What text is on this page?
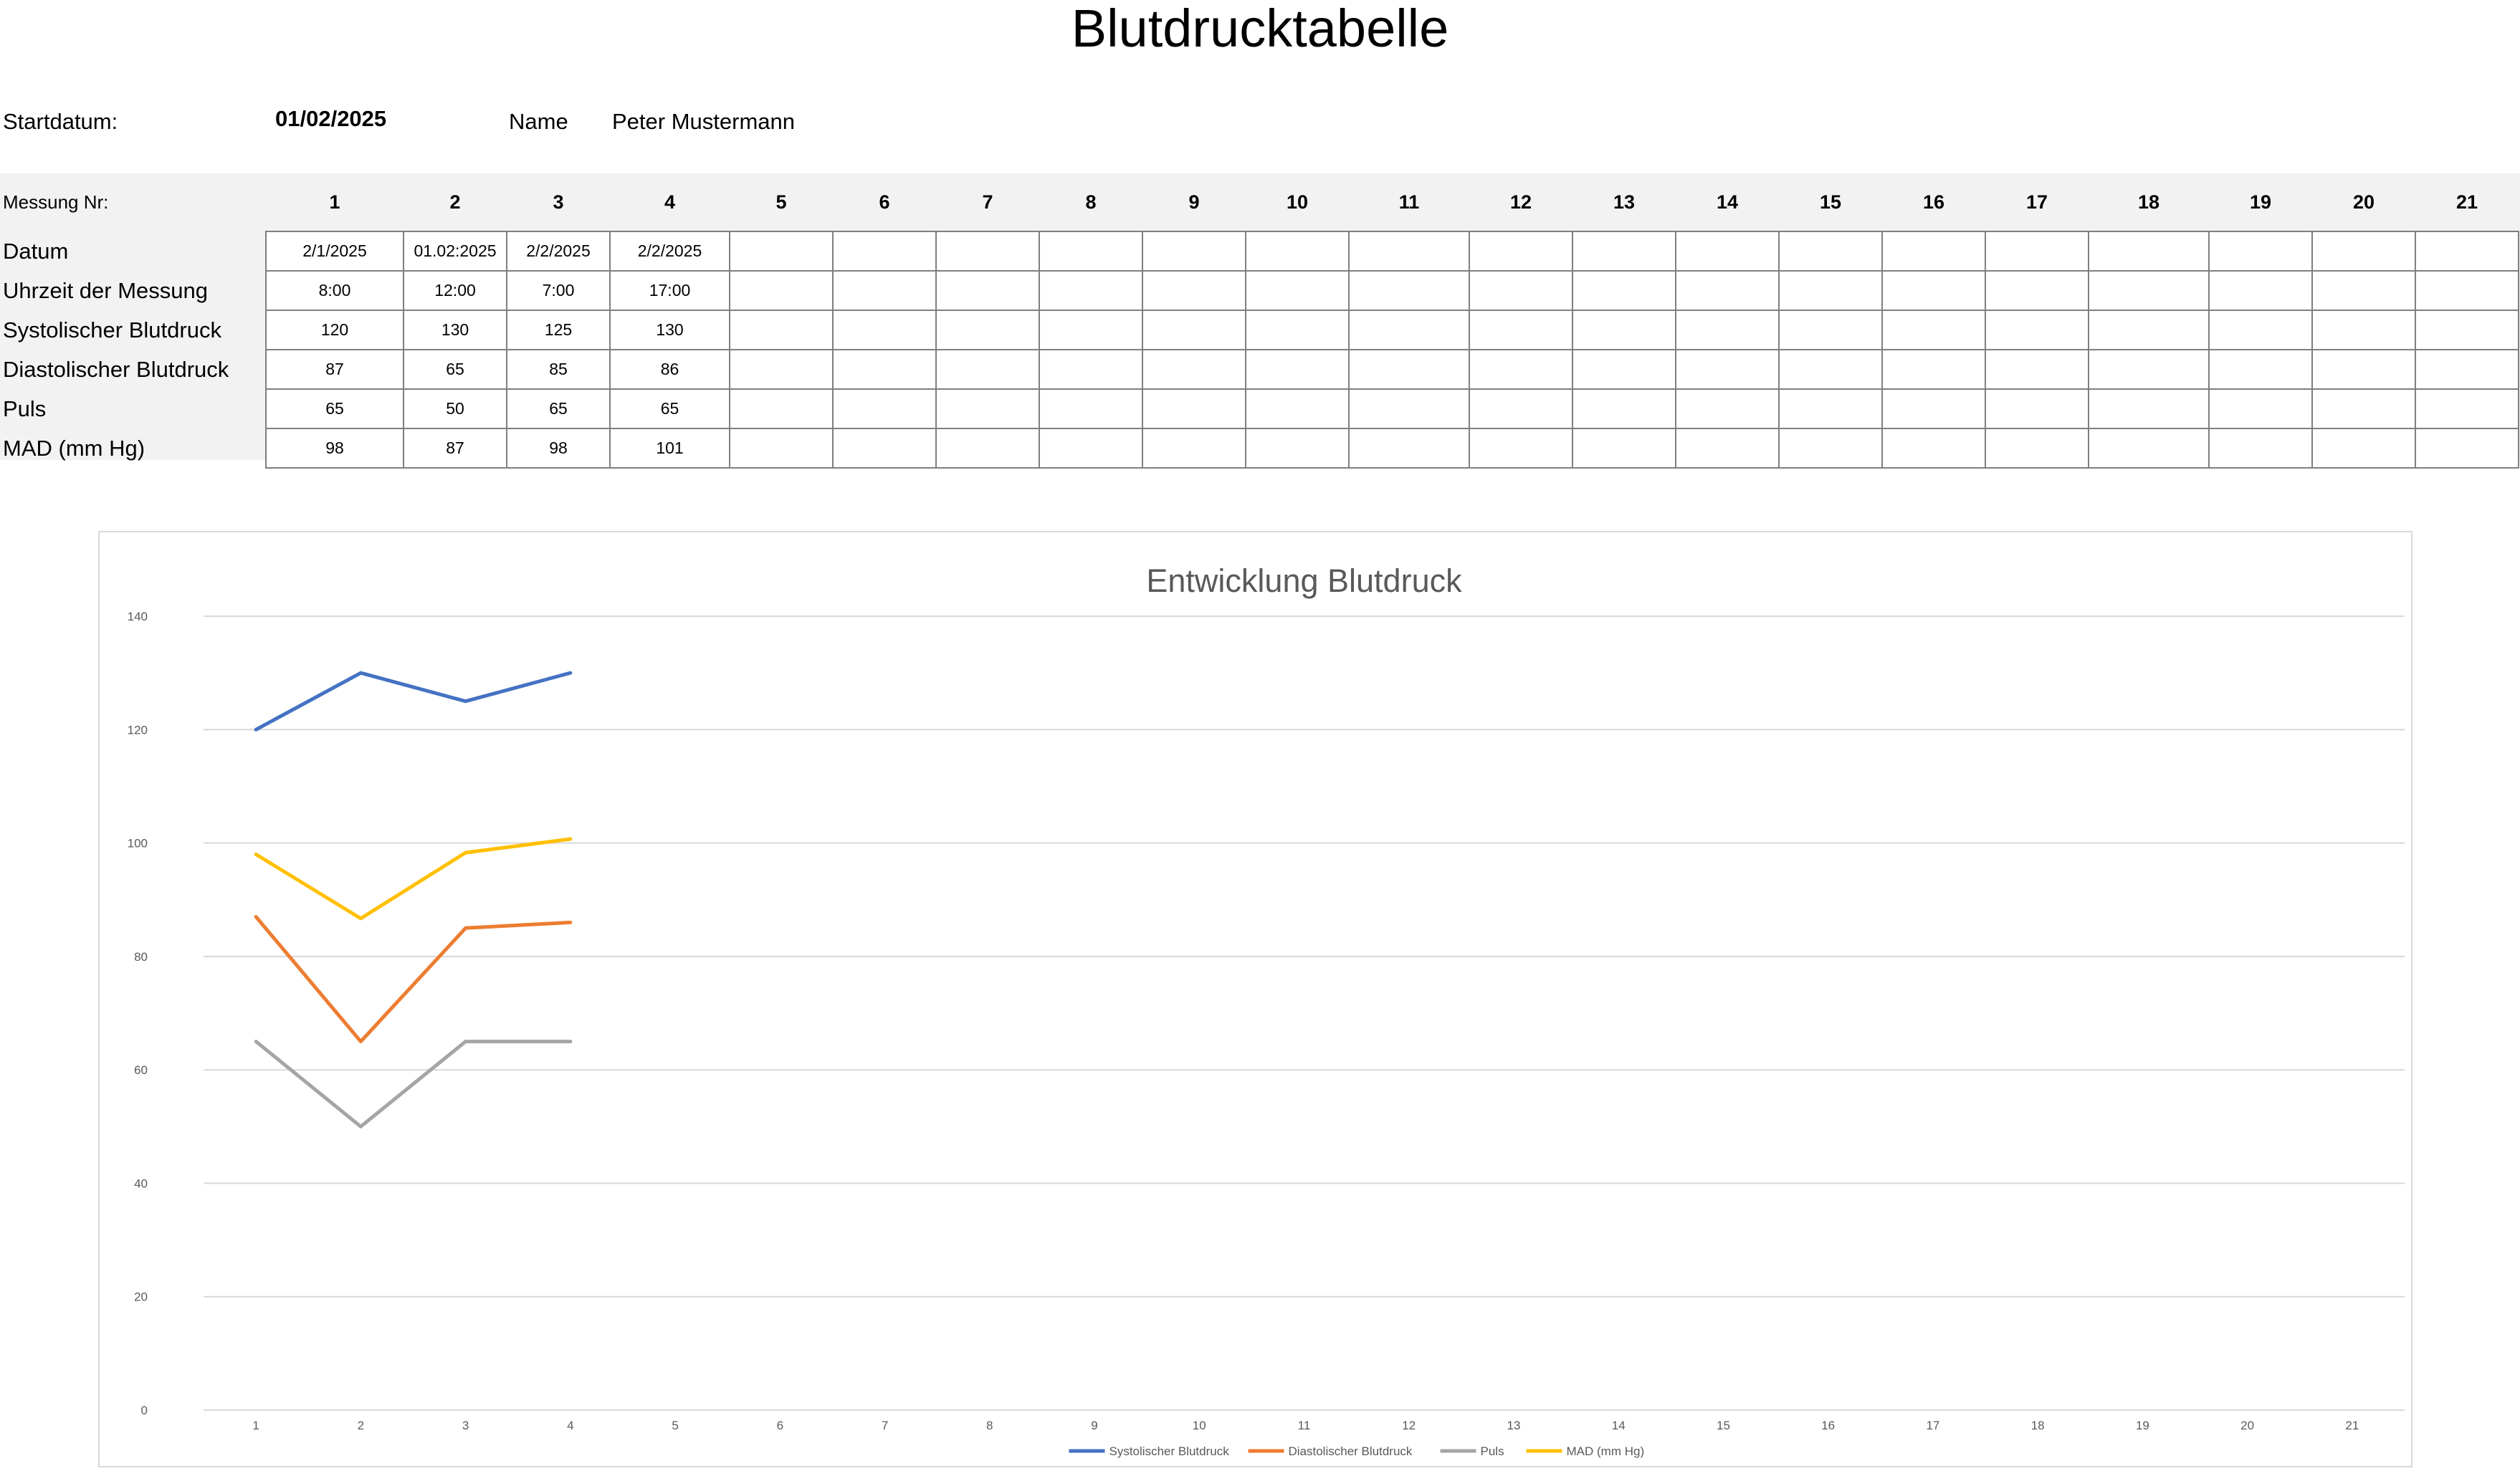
Blutdrucktabelle
Startdatum:	01/02/2025	Name Peter Mustermann
Messung Nr:	1	2	3	4	5	6	7	8	9	10	11	12	13	14	15	16	17	18	19	20	21
Datum	2/1/2025	01.02:2025	2/2/2025	2/2/2025																	
Uhrzeit der Messung	8:00	12:00	7:00	17:00																	
Systolischer Blutdruck	120	130	125	130																	
Diastolischer Blutdruck	87	65	85	86																	
Puls	65	50	65	65																	
MAD (mm Hg)	98	87	98	101																	
Entwicklung Blutdruck
0
20
40
60
80
100
120
140
1	2	3	4	5	6	7	8	9	10	11	12	13	14	15	16	17	18	19	20	21
Systolischer Blutdruck	Diastolischer Blutdruck	Puls	MAD (mm Hg)
